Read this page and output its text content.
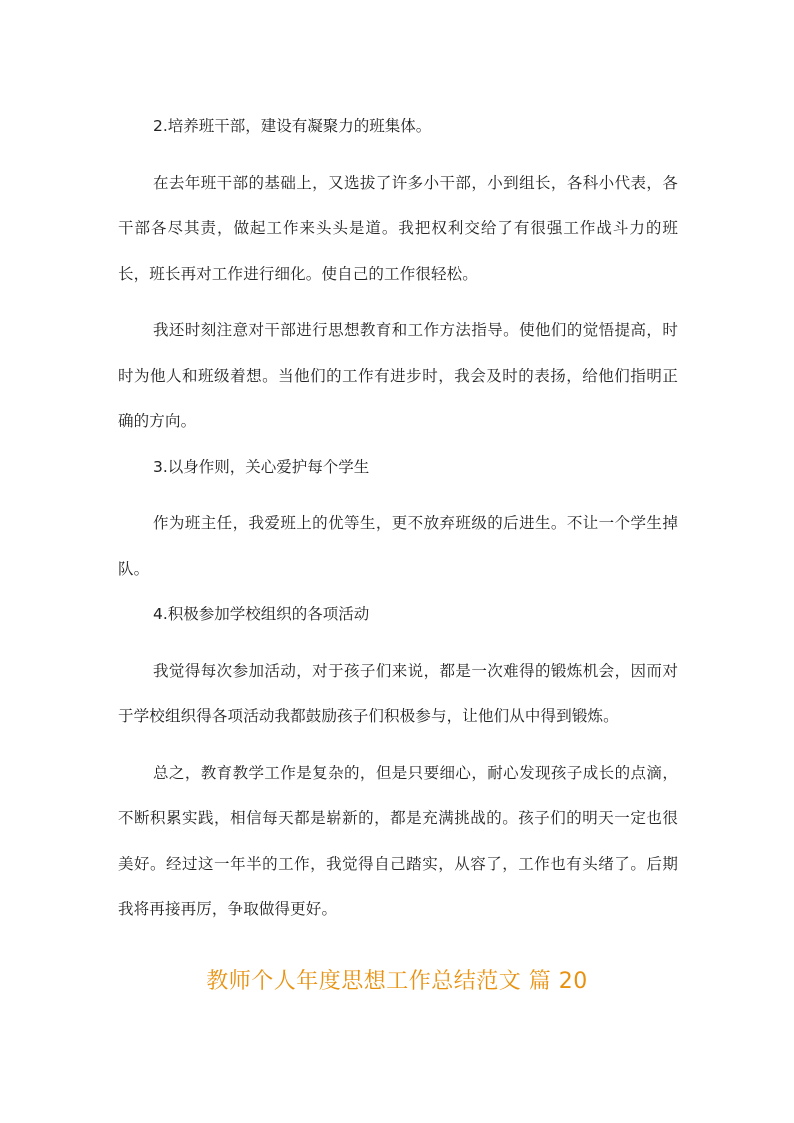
2.培养班干部，建设有凝聚力的班集体。

在去年班干部的基础上，又选拔了许多小干部，小到组长，各科小代表，各干部各尽其责，做起工作来头头是道。我把权利交给了有很强工作战斗力的班长，班长再对工作进行细化。使自己的工作很轻松。

我还时刻注意对干部进行思想教育和工作方法指导。使他们的觉悟提高，时时为他人和班级着想。当他们的工作有进步时，我会及时的表扬，给他们指明正确的方向。

3.以身作则，关心爱护每个学生

作为班主任，我爱班上的优等生，更不放弃班级的后进生。不让一个学生掉队。

4.积极参加学校组织的各项活动

我觉得每次参加活动，对于孩子们来说，都是一次难得的锻炼机会，因而对于学校组织得各项活动我都鼓励孩子们积极参与，让他们从中得到锻炼。

总之，教育教学工作是复杂的，但是只要细心，耐心发现孩子成长的点滴，不断积累实践，相信每天都是崭新的，都是充满挑战的。孩子们的明天一定也很美好。经过这一年半的工作，我觉得自己踏实，从容了，工作也有头绪了。后期我将再接再厉，争取做得更好。

教师个人年度思想工作总结范文 篇 20
